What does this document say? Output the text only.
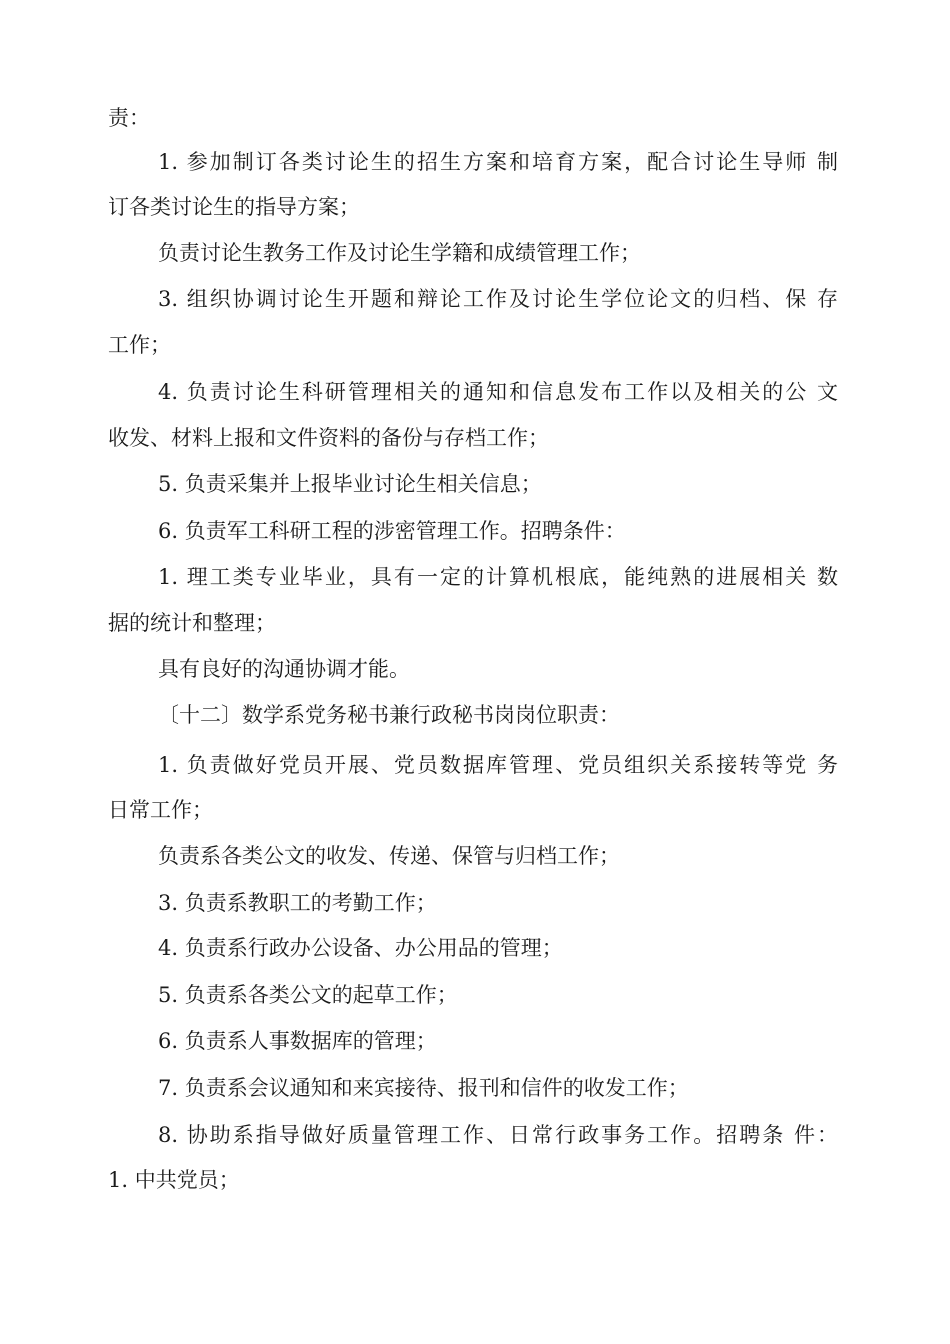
责：
1. 参加制订各类讨论生的招生方案和培育方案，配合讨论生导师 制
订各类讨论生的指导方案；
负责讨论生教务工作及讨论生学籍和成绩管理工作；
3. 组织协调讨论生开题和辩论工作及讨论生学位论文的归档、保 存
工作；
4. 负责讨论生科研管理相关的通知和信息发布工作以及相关的公 文
收发、材料上报和文件资料的备份与存档工作；
5. 负责采集并上报毕业讨论生相关信息；
6. 负责军工科研工程的涉密管理工作。招聘条件：
1. 理工类专业毕业，具有一定的计算机根底，能纯熟的进展相关 数
据的统计和整理；
具有良好的沟通协调才能。
〔十二〕数学系党务秘书兼行政秘书岗岗位职责：
1. 负责做好党员开展、党员数据库管理、党员组织关系接转等党 务
日常工作；
负责系各类公文的收发、传递、保管与归档工作；
3. 负责系教职工的考勤工作；
4. 负责系行政办公设备、办公用品的管理；
5. 负责系各类公文的起草工作；
6. 负责系人事数据库的管理；
7. 负责系会议通知和来宾接待、报刊和信件的收发工作；
8. 协助系指导做好质量管理工作、日常行政事务工作。招聘条 件：
1. 中共党员；
